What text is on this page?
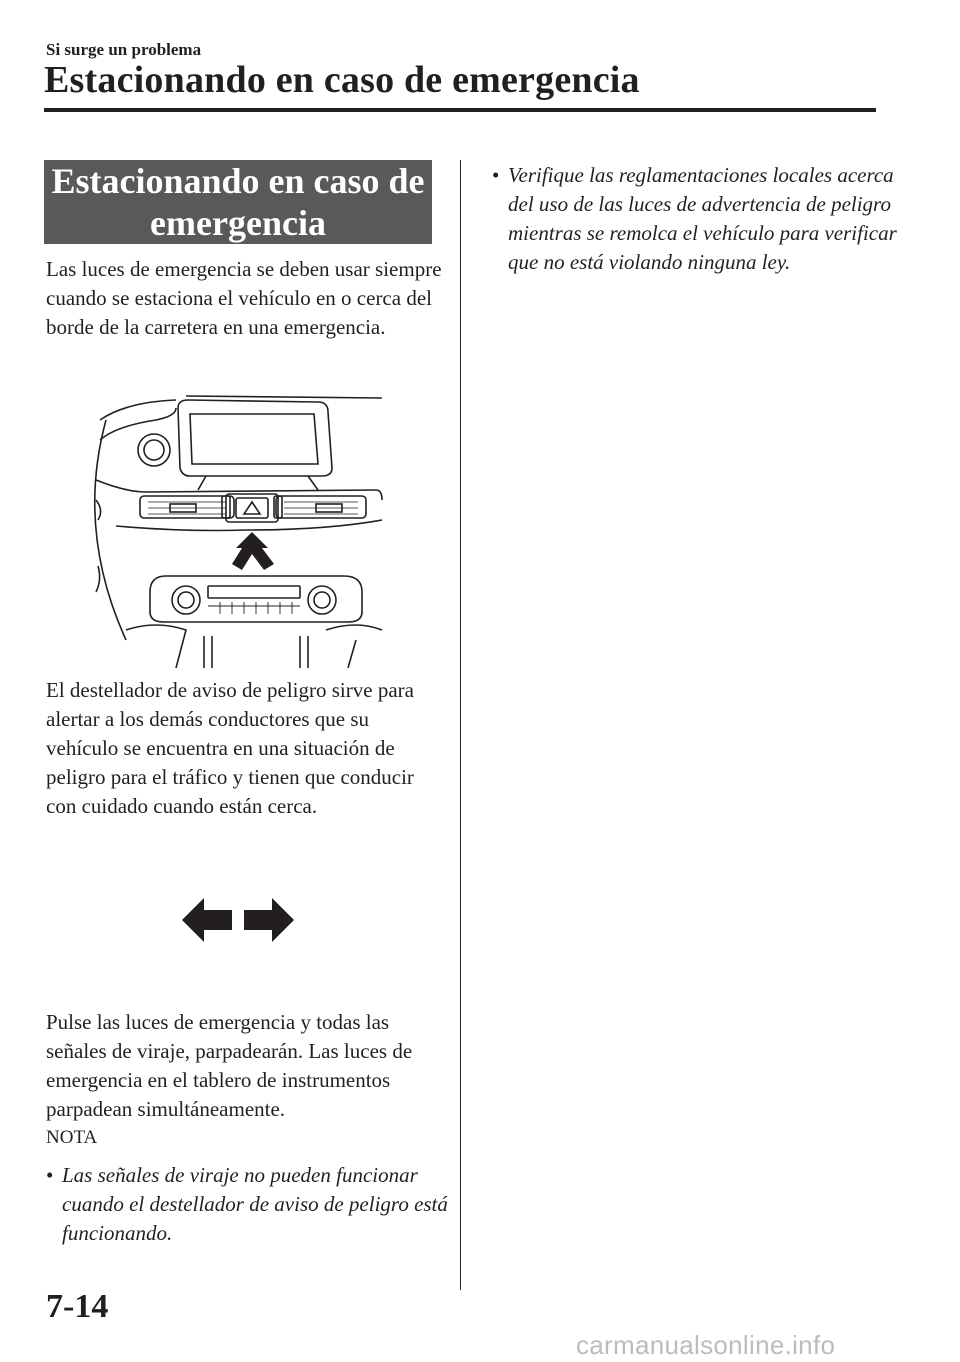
Si surge un problema
Estacionando en caso de emergencia
Estacionando en caso de emergencia

Las luces de emergencia se deben usar siempre cuando se estaciona el vehículo en o cerca del borde de la carretera en una emergencia.

El destellador de aviso de peligro sirve para alertar a los demás conductores que su vehículo se encuentra en una situación de peligro para el tráfico y tienen que conducir con cuidado cuando están cerca.

Pulse las luces de emergencia y todas las señales de viraje, parpadearán. Las luces de emergencia en el tablero de instrumentos parpadean simultáneamente.

NOTA

• Las señales de viraje no pueden funcionar cuando el destellador de aviso de peligro está funcionando.

• Verifique las reglamentaciones locales acerca del uso de las luces de advertencia de peligro mientras se remolca el vehículo para verificar que no está violando ninguna ley.

7-14
carmanualsonline.info
